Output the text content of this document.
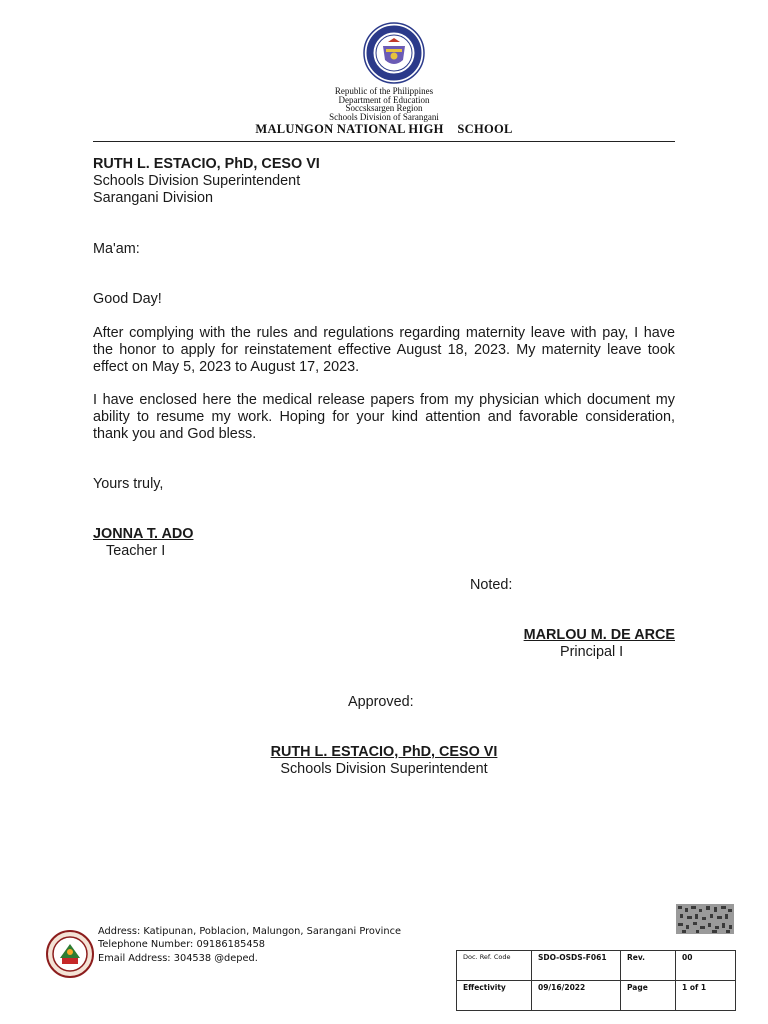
Republic of the Philippines
Department of Education
Soccsksargen Region
Schools Division of Sarangani
MALUNGON NATIONAL HIGH    SCHOOL
RUTH L. ESTACIO, PhD, CESO VI
Schools Division Superintendent
Sarangani Division
Ma'am:
Good Day!
After complying with the rules and regulations regarding maternity leave with pay, I have the honor to apply for reinstatement effective August 18, 2023. My maternity leave took effect on May 5, 2023 to August 17, 2023.
I have enclosed here the medical release papers from my physician which document my ability to resume my work. Hoping for your kind attention and favorable consideration, thank you and God bless.
Yours truly,
JONNA T. ADO
Teacher I
Noted:
MARLOU M. DE ARCE
Principal I
Approved:
RUTH L. ESTACIO, PhD, CESO VI
Schools Division Superintendent
Address: Katipunan, Poblacion, Malungon, Sarangani Province
Telephone Number: 09186185458
Email Address: 304538 @deped.	Doc. Ref. Code	SDO-OSDS-F061	Rev.	00
Effectivity	09/16/2022	Page	1 of 1
